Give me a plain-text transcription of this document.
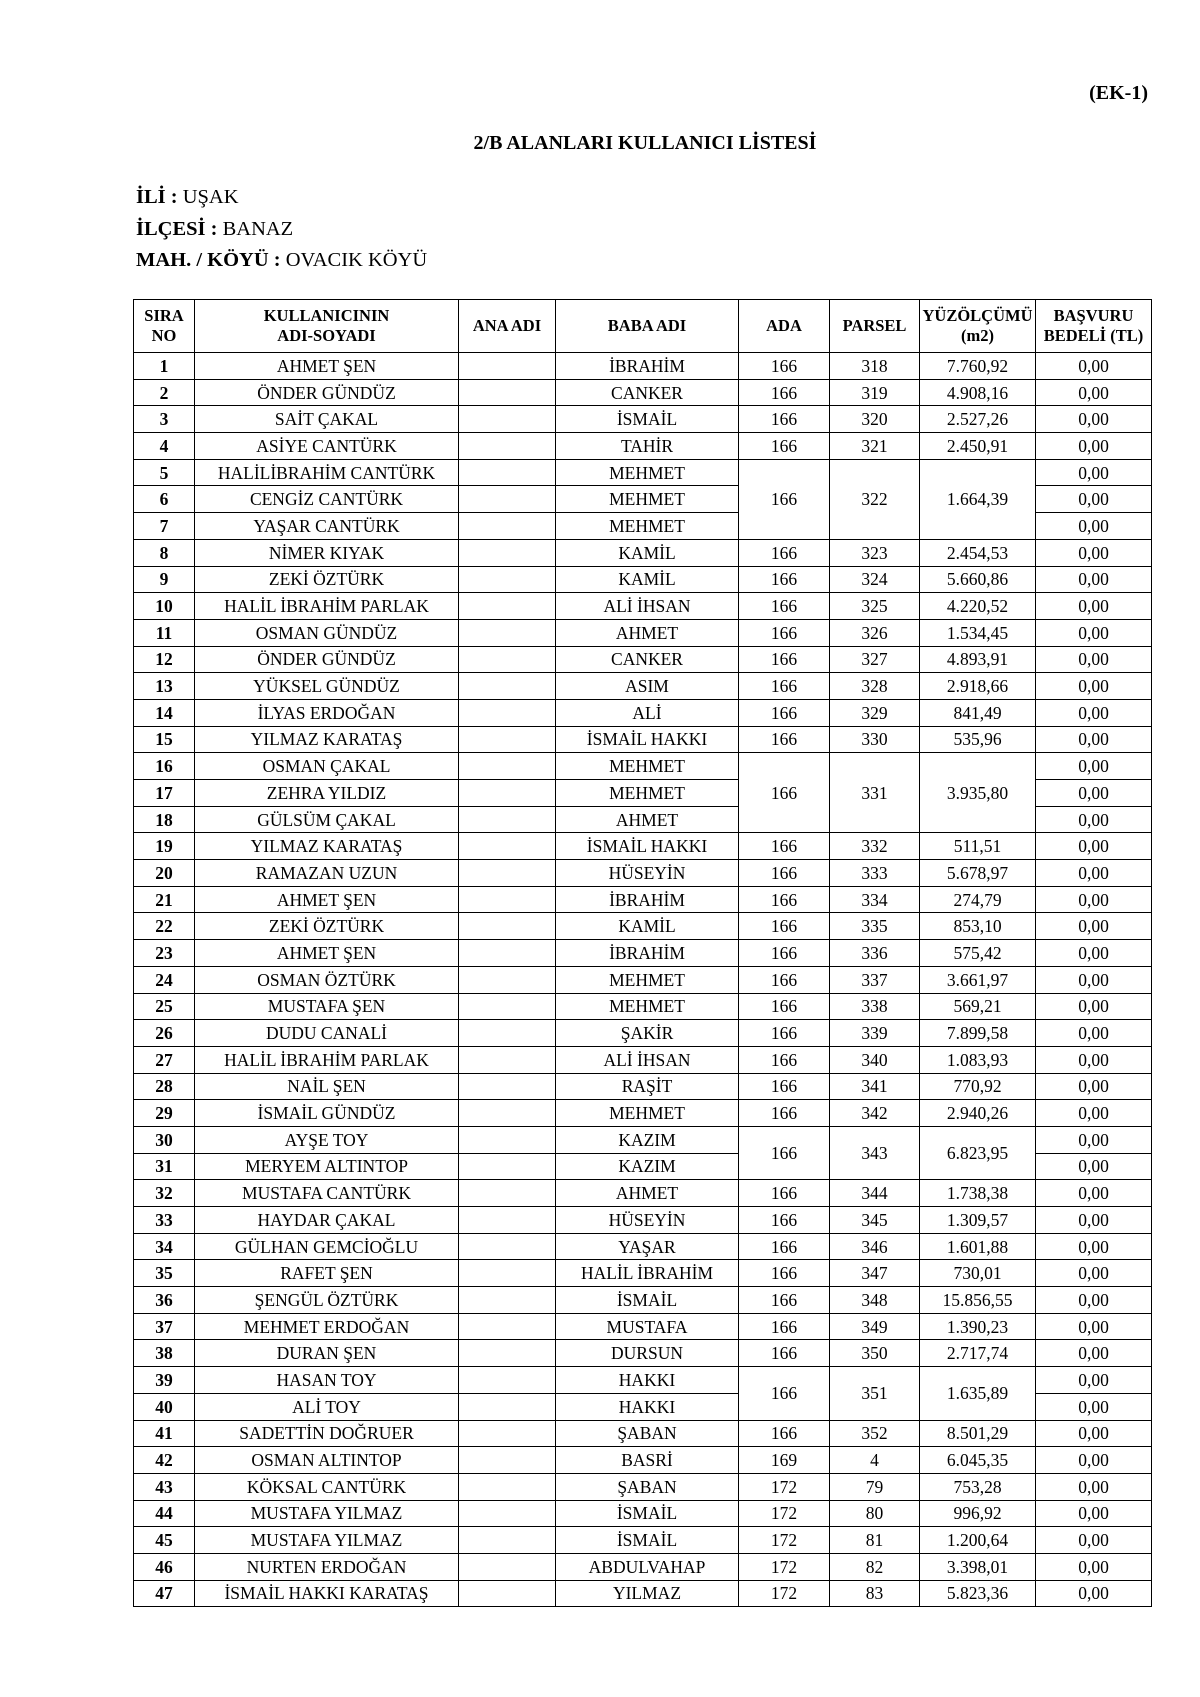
(EK-1)
2/B ALANLARI KULLANICI LİSTESİ
İLİ : UŞAK
İLÇESİ : BANAZ
MAH. / KÖYÜ : OVACIK KÖYÜ
SIRA
NO	KULLANICININ
ADI-SOYADI	ANA ADI	BABA ADI	ADA	PARSEL	YÜZÖLÇÜMÜ
(m2)	BAŞVURU
BEDELİ (TL)
1	AHMET ŞEN		İBRAHİM	166	318	7.760,92	0,00
2	ÖNDER GÜNDÜZ		CANKER	166	319	4.908,16	0,00
3	SAİT ÇAKAL		İSMAİL	166	320	2.527,26	0,00
4	ASİYE CANTÜRK		TAHİR	166	321	2.450,91	0,00
5	HALİLİBRAHİM CANTÜRK		MEHMET	166	322	1.664,39	0,00
6	CENGİZ CANTÜRK		MEHMET				0,00
7	YAŞAR CANTÜRK		MEHMET				0,00
8	NİMER KIYAK		KAMİL	166	323	2.454,53	0,00
9	ZEKİ ÖZTÜRK		KAMİL	166	324	5.660,86	0,00
10	HALİL İBRAHİM PARLAK		ALİ İHSAN	166	325	4.220,52	0,00
11	OSMAN GÜNDÜZ		AHMET	166	326	1.534,45	0,00
12	ÖNDER GÜNDÜZ		CANKER	166	327	4.893,91	0,00
13	YÜKSEL GÜNDÜZ		ASIM	166	328	2.918,66	0,00
14	İLYAS ERDOĞAN		ALİ	166	329	841,49	0,00
15	YILMAZ KARATAŞ		İSMAİL HAKKI	166	330	535,96	0,00
16	OSMAN ÇAKAL		MEHMET	166	331	3.935,80	0,00
17	ZEHRA YILDIZ		MEHMET				0,00
18	GÜLSÜM ÇAKAL		AHMET				0,00
19	YILMAZ KARATAŞ		İSMAİL HAKKI	166	332	511,51	0,00
20	RAMAZAN UZUN		HÜSEYİN	166	333	5.678,97	0,00
21	AHMET ŞEN		İBRAHİM	166	334	274,79	0,00
22	ZEKİ ÖZTÜRK		KAMİL	166	335	853,10	0,00
23	AHMET ŞEN		İBRAHİM	166	336	575,42	0,00
24	OSMAN ÖZTÜRK		MEHMET	166	337	3.661,97	0,00
25	MUSTAFA ŞEN		MEHMET	166	338	569,21	0,00
26	DUDU CANALİ		ŞAKİR	166	339	7.899,58	0,00
27	HALİL İBRAHİM PARLAK		ALİ İHSAN	166	340	1.083,93	0,00
28	NAİL ŞEN		RAŞİT	166	341	770,92	0,00
29	İSMAİL GÜNDÜZ		MEHMET	166	342	2.940,26	0,00
30	AYŞE TOY		KAZIM	166	343	6.823,95	0,00
31	MERYEM ALTINTOP		KAZIM				0,00
32	MUSTAFA CANTÜRK		AHMET	166	344	1.738,38	0,00
33	HAYDAR ÇAKAL		HÜSEYİN	166	345	1.309,57	0,00
34	GÜLHAN GEMCİOĞLU		YAŞAR	166	346	1.601,88	0,00
35	RAFET ŞEN		HALİL İBRAHİM	166	347	730,01	0,00
36	ŞENGÜL ÖZTÜRK		İSMAİL	166	348	15.856,55	0,00
37	MEHMET ERDOĞAN		MUSTAFA	166	349	1.390,23	0,00
38	DURAN ŞEN		DURSUN	166	350	2.717,74	0,00
39	HASAN TOY		HAKKI	166	351	1.635,89	0,00
40	ALİ TOY		HAKKI				0,00
41	SADETTİN DOĞRUER		ŞABAN	166	352	8.501,29	0,00
42	OSMAN ALTINTOP		BASRİ	169	4	6.045,35	0,00
43	KÖKSAL CANTÜRK		ŞABAN	172	79	753,28	0,00
44	MUSTAFA YILMAZ		İSMAİL	172	80	996,92	0,00
45	MUSTAFA YILMAZ		İSMAİL	172	81	1.200,64	0,00
46	NURTEN ERDOĞAN		ABDULVAHAP	172	82	3.398,01	0,00
47	İSMAİL HAKKI KARATAŞ		YILMAZ	172	83	5.823,36	0,00
